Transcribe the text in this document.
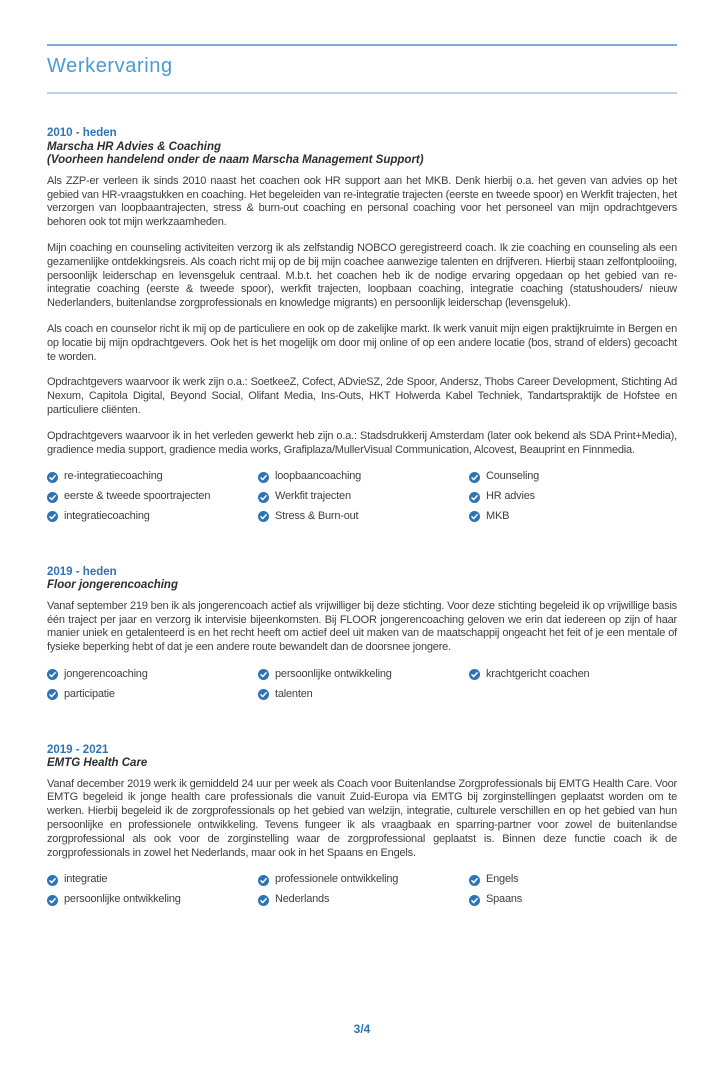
Werkervaring
2010 - heden
Marscha HR Advies & Coaching
(Voorheen handelend onder de naam Marscha Management Support)

Als ZZP-er verleen ik sinds 2010 naast het coachen ook HR support aan het MKB. Denk hierbij o.a. het geven van advies op het gebied van HR-vraagstukken en coaching. Het begeleiden van re-integratie trajecten (eerste en tweede spoor) en Werkfit trajecten, het verzorgen van loopbaantrajecten, stress & burn-out coaching en personal coaching voor het personeel van mijn opdrachtgevers behoren ook tot mijn werkzaamheden.

Mijn coaching en counseling activiteiten verzorg ik als zelfstandig NOBCO geregistreerd coach. Ik zie coaching en counseling als een gezamenlijke ontdekkingsreis. Als coach richt mij op de bij mijn coachee aanwezige talenten en drijfveren. Hierbij staan zelfontplooiing, persoonlijk leiderschap en levensgeluk centraal. M.b.t. het coachen heb ik de nodige ervaring opgedaan op het gebied van re-integratie coaching (eerste & tweede spoor), werkfit trajecten, loopbaan coaching, integratie coaching (statushouders/ nieuw Nederlanders, buitenlandse zorgprofessionals en knowledge migrants) en persoonlijk leiderschap (levensgeluk).

Als coach en counselor richt ik mij op de particuliere en ook op de zakelijke markt. Ik werk vanuit mijn eigen praktijkruimte in Bergen en op locatie bij mijn opdrachtgevers. Ook het is het mogelijk om door mij online of op een andere locatie (bos, strand of elders) gecoacht te worden.

Opdrachtgevers waarvoor ik werk zijn o.a.: SoetkeeZ, Cofect, ADvieSZ, 2de Spoor, Andersz, Thobs Career Development, Stichting Ad Nexum, Capitola Digital, Beyond Social, Olifant Media, Ins-Outs, HKT Holwerda Kabel Techniek, Tandartspraktijk de Hofstee en particuliere cliënten.

Opdrachtgevers waarvoor ik in het verleden gewerkt heb zijn o.a.: Stadsdrukkerij Amsterdam (later ook bekend als SDA Print+Media), gradience media support, gradience media works, Grafiplaza/MullerVisual Communication, Alcovest, Beauprint en Finnmedia.

re-integratiecoaching
eerste & tweede spoortrajecten
integratiecoaching
loopbaancoaching
Werkfit trajecten
Stress & Burn-out
Counseling
HR advies
MKB
2019 - heden
Floor jongerencoaching

Vanaf september 219 ben ik als jongerencoach actief als vrijwilliger bij deze stichting. Voor deze stichting begeleid ik op vrijwillige basis één traject per jaar en verzorg ik intervisie bijeenkomsten. Bij FLOOR jongerencoaching geloven we erin dat iedereen op zijn of haar manier uniek en getalenteerd is en het recht heeft om actief deel uit maken van de maatschappij ongeacht het feit of je een mentale of fysieke beperking hebt of dat je een andere route bewandelt dan de doorsnee jongere.

jongerencoaching
participatie
persoonlijke ontwikkeling
talenten
krachtgericht coachen
2019 - 2021
EMTG Health Care

Vanaf december 2019 werk ik gemiddeld 24 uur per week als Coach voor Buitenlandse Zorgprofessionals bij EMTG Health Care. Voor EMTG begeleid ik jonge health care professionals die vanuit Zuid-Europa via EMTG bij zorginstellingen geplaatst worden om te werken. Hierbij begeleid ik de zorgprofessionals op het gebied van welzijn, integratie, culturele verschillen en op het gebied van hun persoonlijke en professionele ontwikkeling. Tevens fungeer ik als vraagbaak en sparring-partner voor zowel de buitenlandse zorgprofessional als ook voor de zorginstelling waar de zorgprofessional geplaatst is. Binnen deze functie coach ik de zorgprofessionals in zowel het Nederlands, maar ook in het Spaans en Engels.

integratie
persoonlijke ontwikkeling
professionele ontwikkeling
Nederlands
Engels
Spaans
3/4
